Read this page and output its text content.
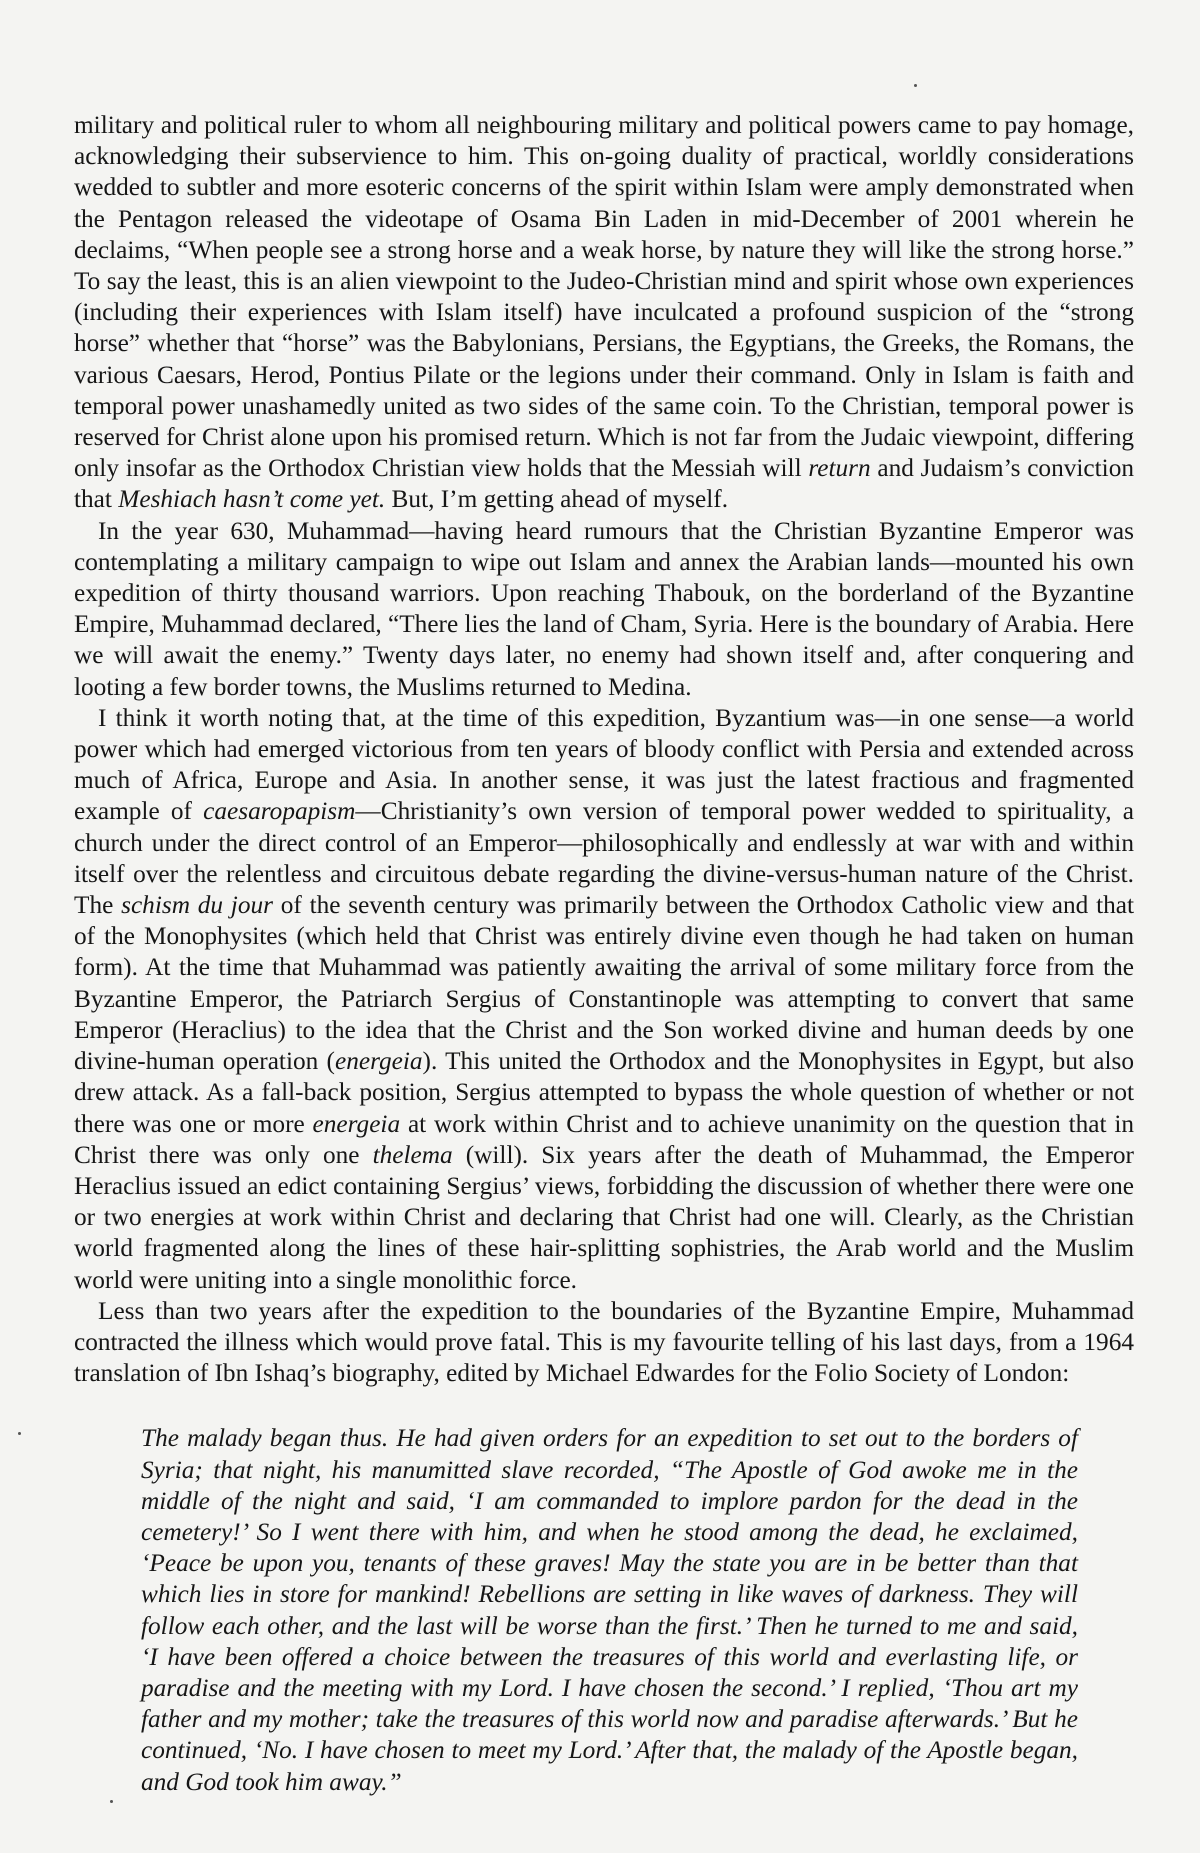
military and political ruler to whom all neighbouring military and political powers came to pay homage, acknowledging their subservience to him. This on-going duality of practical, worldly considerations wedded to subtler and more esoteric concerns of the spirit within Islam were amply demonstrated when the Pentagon released the videotape of Osama Bin Laden in mid-December of 2001 wherein he declaims, “When people see a strong horse and a weak horse, by nature they will like the strong horse.” To say the least, this is an alien viewpoint to the Judeo-Christian mind and spirit whose own experiences (including their experiences with Islam itself) have inculcated a profound suspicion of the “strong horse” whether that “horse” was the Babylonians, Persians, the Egyptians, the Greeks, the Romans, the various Caesars, Herod, Pontius Pilate or the legions under their command. Only in Islam is faith and temporal power unashamedly united as two sides of the same coin. To the Christian, temporal power is reserved for Christ alone upon his promised return. Which is not far from the Judaic viewpoint, differing only insofar as the Orthodox Christian view holds that the Messiah will return and Judaism’s conviction that Meshiach hasn’t come yet. But, I’m getting ahead of myself.

In the year 630, Muhammad—having heard rumours that the Christian Byzantine Emperor was contemplating a military campaign to wipe out Islam and annex the Arabian lands—mounted his own expedition of thirty thousand warriors. Upon reaching Thabouk, on the borderland of the Byzantine Empire, Muhammad declared, “There lies the land of Cham, Syria. Here is the boundary of Arabia. Here we will await the enemy.” Twenty days later, no enemy had shown itself and, after conquering and looting a few border towns, the Muslims returned to Medina.

I think it worth noting that, at the time of this expedition, Byzantium was—in one sense—a world power which had emerged victorious from ten years of bloody conflict with Persia and extended across much of Africa, Europe and Asia. In another sense, it was just the latest fractious and fragmented example of caesaropapism—Christianity’s own version of temporal power wedded to spirituality, a church under the direct control of an Emperor—philosophically and endlessly at war with and within itself over the relentless and circuitous debate regarding the divine-versus-human nature of the Christ. The schism du jour of the seventh century was primarily between the Orthodox Catholic view and that of the Monophysites (which held that Christ was entirely divine even though he had taken on human form). At the time that Muhammad was patiently awaiting the arrival of some military force from the Byzantine Emperor, the Patriarch Sergius of Constantinople was attempting to convert that same Emperor (Heraclius) to the idea that the Christ and the Son worked divine and human deeds by one divine-human operation (energeia). This united the Orthodox and the Monophysites in Egypt, but also drew attack. As a fall-back position, Sergius attempted to bypass the whole question of whether or not there was one or more energeia at work within Christ and to achieve unanimity on the question that in Christ there was only one thelema (will). Six years after the death of Muhammad, the Emperor Heraclius issued an edict containing Sergius’ views, forbidding the discussion of whether there were one or two energies at work within Christ and declaring that Christ had one will. Clearly, as the Christian world fragmented along the lines of these hair-splitting sophistries, the Arab world and the Muslim world were uniting into a single monolithic force.

Less than two years after the expedition to the boundaries of the Byzantine Empire, Muhammad contracted the illness which would prove fatal. This is my favourite telling of his last days, from a 1964 translation of Ibn Ishaq’s biography, edited by Michael Edwardes for the Folio Society of London:

The malady began thus. He had given orders for an expedition to set out to the borders of Syria; that night, his manumitted slave recorded, “The Apostle of God awoke me in the middle of the night and said, ‘I am commanded to implore pardon for the dead in the cemetery!’ So I went there with him, and when he stood among the dead, he exclaimed, ‘Peace be upon you, tenants of these graves! May the state you are in be better than that which lies in store for mankind! Rebellions are setting in like waves of darkness. They will follow each other, and the last will be worse than the first.’ Then he turned to me and said, ‘I have been offered a choice between the treasures of this world and everlasting life, or paradise and the meeting with my Lord. I have chosen the second.’ I replied, ‘Thou art my father and my mother; take the treasures of this world now and paradise afterwards.’ But he continued, ‘No. I have chosen to meet my Lord.’ After that, the malady of the Apostle began, and God took him away.”
